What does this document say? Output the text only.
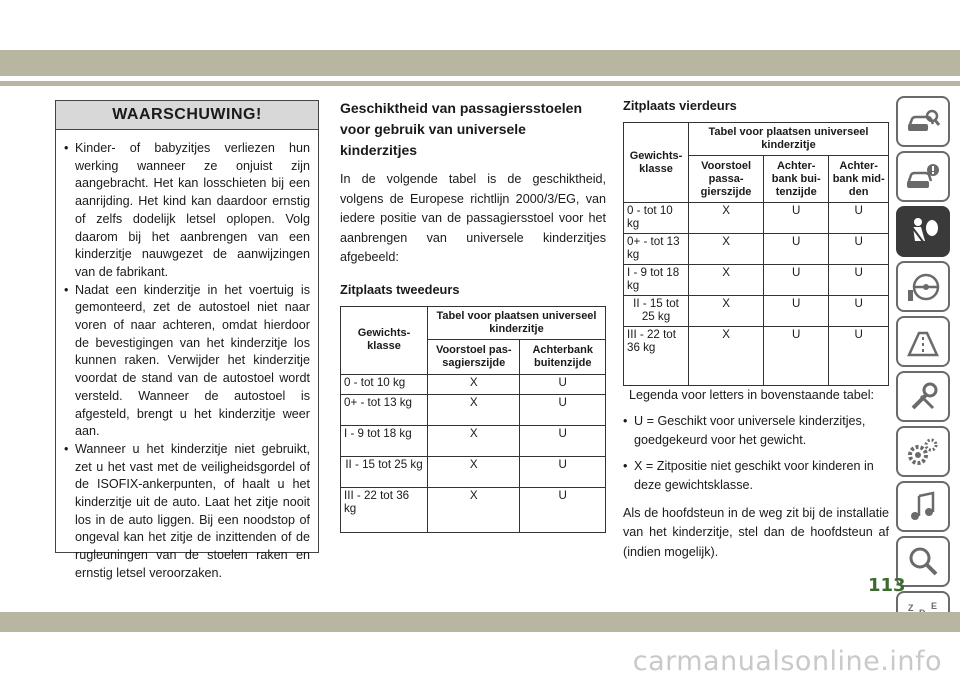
WAARSCHUWING!
• Kinder- of babyzitjes verliezen hun werking wanneer ze onjuist zijn aangebracht. Het kan losschieten bij een aanrijding. Het kind kan daardoor ernstig of zelfs dodelijk letsel oplopen. Volg daarom bij het aanbrengen van een kinderzitje nauwgezet de aanwijzingen van de fabrikant.
• Nadat een kinderzitje in het voertuig is gemonteerd, zet de autostoel niet naar voren of naar achteren, omdat hierdoor de bevestigingen van het kinderzitje los kunnen raken. Verwijder het kinderzitje voordat de stand van de autostoel wordt versteld. Wanneer de autostoel is afgesteld, brengt u het kinderzitje weer aan.
• Wanneer u het kinderzitje niet gebruikt, zet u het vast met de veiligheidsgordel of de ISOFIX-ankerpunten, of haalt u het kinderzitje uit de auto. Laat het zitje nooit los in de auto liggen. Bij een noodstop of ongeval kan het zitje de inzittenden of de rugleuningen van de stoelen raken en ernstig letsel veroorzaken.
Geschiktheid van passagiersstoelen voor gebruik van universele kinderzitjes

In de volgende tabel is de geschiktheid, volgens de Europese richtlijn 2000/3/EG, van iedere positie van de passagiersstoel voor het aanbrengen van universele kinderzitjes afgebeeld:

Zitplaats tweedeurs

Gewichts-klasse	Tabel voor plaatsen universeel kinderzitje	
	Voorstoel pas-sagierszijde	Achterbank buitenzijde
0 - tot 10 kg	X	U
0+ - tot 13 kg	X	U
I - 9 tot 18 kg	X	U
II - 15 tot 25 kg	X	U
III - 22 tot 36 kg	X	U

Zitplaats vierdeurs

Gewichts-klasse	Tabel voor plaatsen universeel kinderzitje		
	Voorstoel passa-gierszijde	Achter-bank bui-tenzijde	Achter-bank mid-den
0 - tot 10 kg	X	U	U
0+ - tot 13 kg	X	U	U
I - 9 tot 18 kg	X	U	U
II - 15 tot 25 kg	X	U	U
III - 22 tot 36 kg	X	U	U

Legenda voor letters in bovenstaande tabel:

• U = Geschikt voor universele kinderzitjes, goedgekeurd voor het gewicht.
• X = Zitpositie niet geschikt voor kinderen in deze gewichtsklasse.

Als de hoofdsteun in de weg zit bij de installatie van het kinderzitje, stel dan de hoofdsteun af (indien mogelijk).

Z E
113
carmanualsonline.info
